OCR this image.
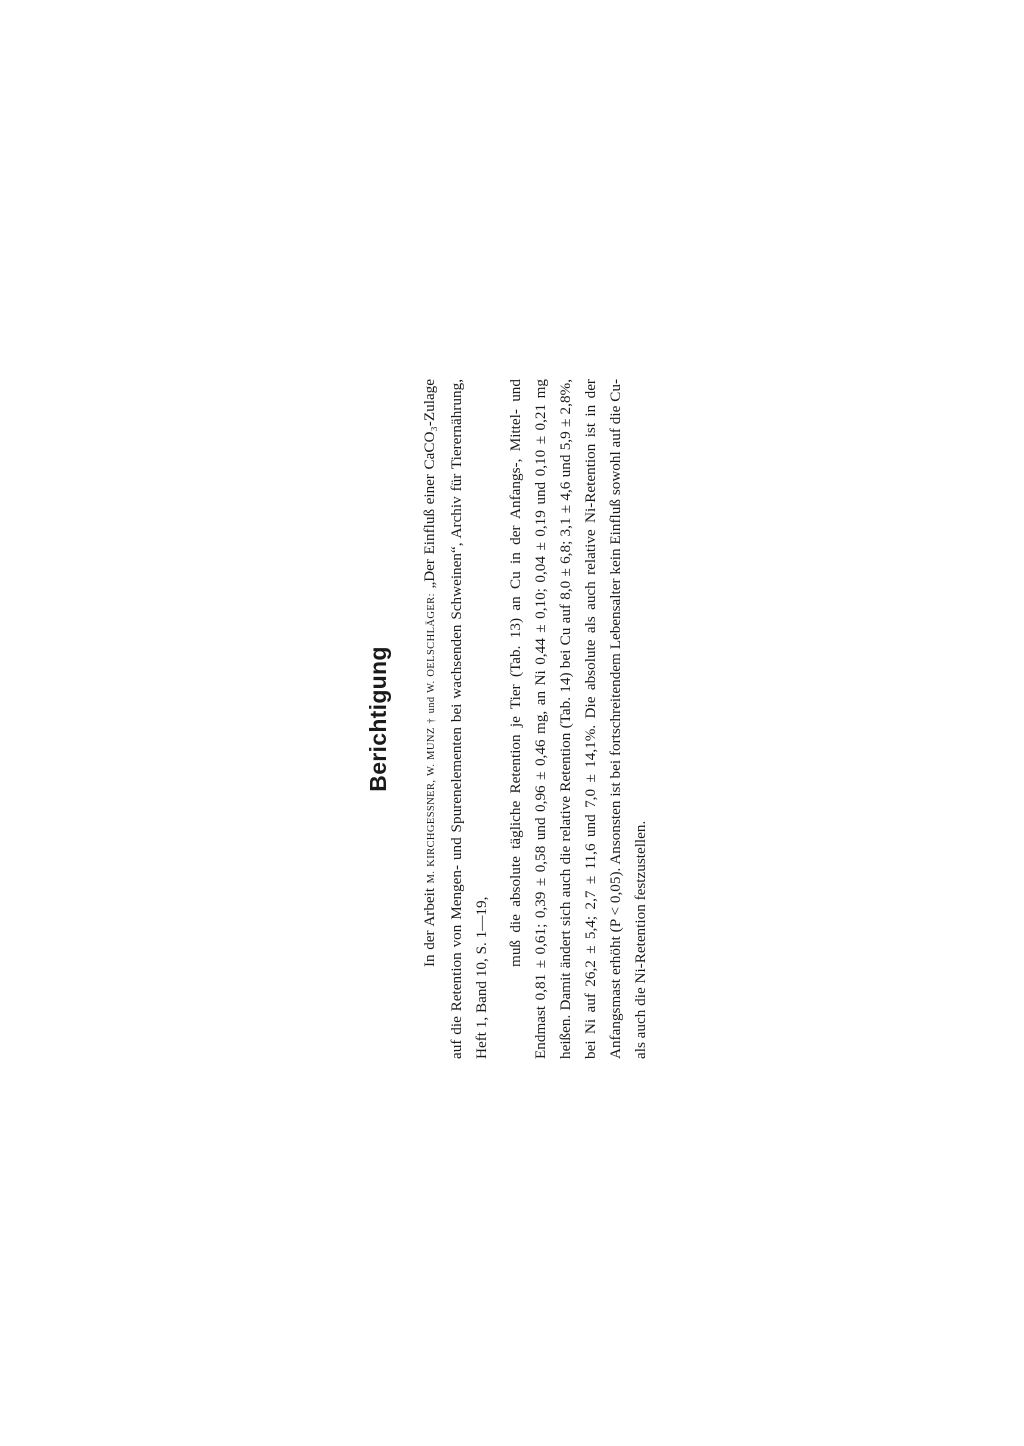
Berichtigung

In der Arbeit M. KIRCHGESSNER, W. MUNZ † und W. OELSCHLÄGER: „Der Einfluß einer CaCO₃-Zulage auf die Retention von Mengen- und Spurenelementen bei wachsenden Schweinen“, Archiv für Tierernährung, Heft 1, Band 10, S. 1—19,

muß die absolute tägliche Retention je Tier (Tab. 13) an Cu in der Anfangs-, Mittel- und Endmast 0,81 ± 0,61; 0,39 ± 0,58 und 0,96 ± 0,46 mg, an Ni 0,44 ± 0,10; 0,04 ± 0,19 und 0,10 ± 0,21 mg heißen. Damit ändert sich auch die relative Retention (Tab. 14) bei Cu auf 8,0 ± 6,8; 3,1 ± 4,6 und 5,9 ± 2,8%, bei Ni auf 26,2 ± 5,4; 2,7 ± 11,6 und 7,0 ± 14,1%. Die absolute als auch relative Ni-Retention ist in der Anfangsmast erhöht (P < 0,05). Ansonsten ist bei fortschreitendem Lebensalter kein Einfluß sowohl auf die Cu- als auch die Ni-Retention festzustellen.
